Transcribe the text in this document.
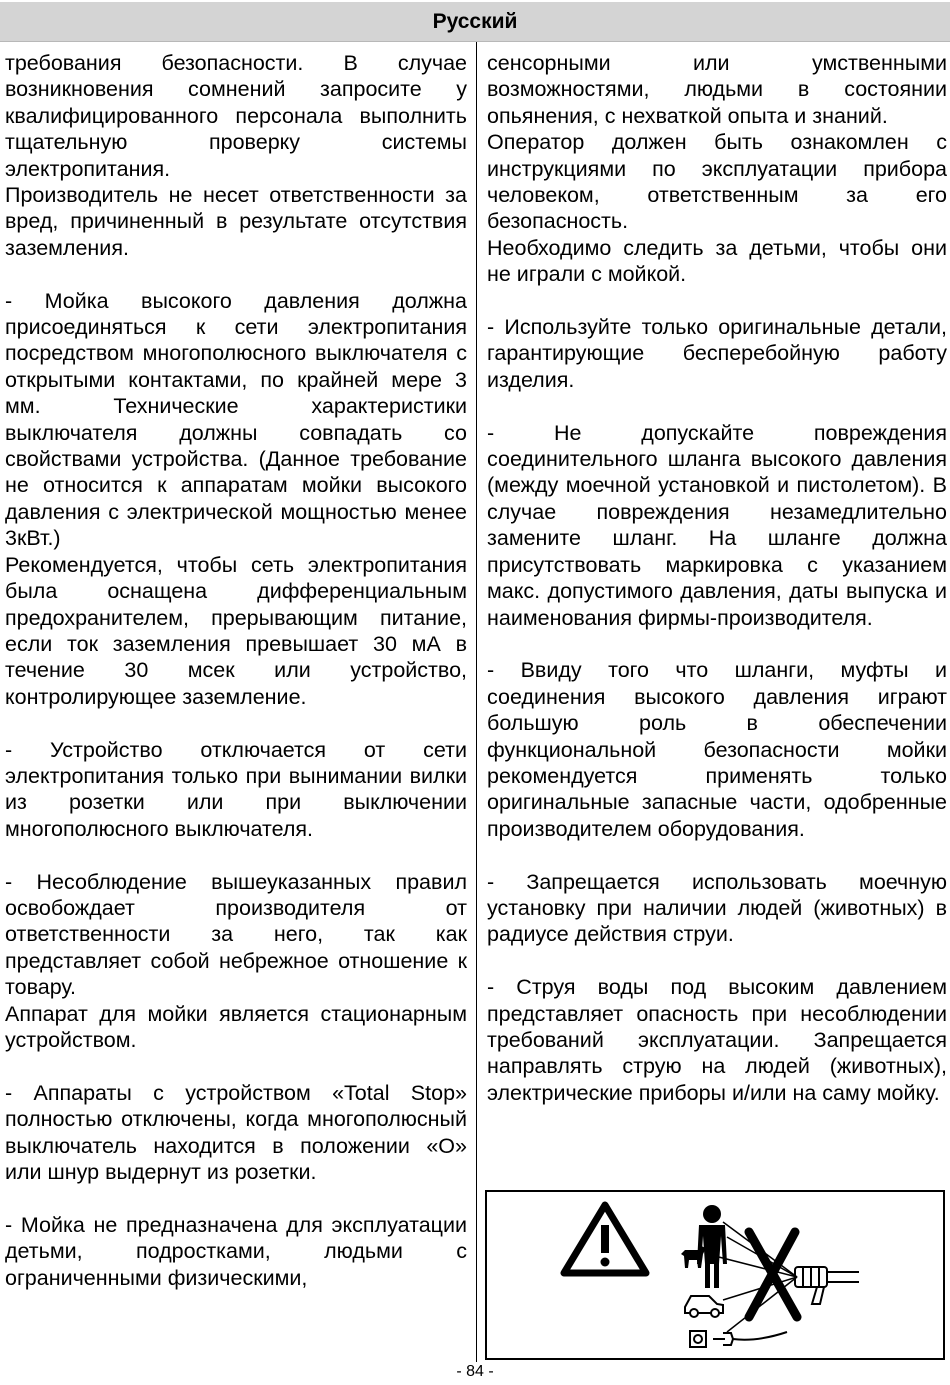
Русский

требования безопасности. В случае возникновения сомнений запросите у квалифицированного персонала выполнить тщательную проверку системы электропитания.

Производитель не несет ответственности за вред, причиненный в результате отсутствия заземления.

- Мойка высокого давления должна присоединяться к сети электропитания посредством многополюсного выключателя с открытыми контактами, по крайней мере 3 мм. Технические характеристики выключателя должны совпадать со свойствами устройства. (Данное требование не относится к аппаратам мойки высокого давления с электрической мощностью менее 3кВт.)

Рекомендуется, чтобы сеть электропитания была оснащена дифференциальным предохранителем, прерывающим питание, если ток заземления превышает 30 мА в течение 30 мсек или устройство, контролирующее заземление.

- Устройство отключается от сети электропитания только при вынимании вилки из розетки или при выключении многополюсного выключателя.

- Несоблюдение вышеуказанных правил освобождает производителя от ответственности за него, так как представляет собой небрежное отношение к товару.

Аппарат для мойки является стационарным устройством.

- Аппараты с устройством «Total Stop» полностью отключены, когда многополюсный выключатель находится в положении «O» или шнур выдернут из розетки.

- Мойка не предназначена для эксплуатации детьми, подростками, людьми с ограниченными физическими,

сенсорными или умственными возможностями, людьми в состоянии опьянения, с нехваткой опыта и знаний.

Оператор должен быть ознакомлен с инструкциями по эксплуатации прибора человеком, ответственным за его безопасность.

Необходимо следить за детьми, чтобы они не играли с мойкой.

- Используйте только оригинальные детали, гарантирующие бесперебойную работу изделия.

- Не допускайте повреждения соединительного шланга высокого давления (между моечной установкой и пистолетом). В случае повреждения незамедлительно замените шланг. На шланге должна присутствовать маркировка с указанием макс. допустимого давления, даты выпуска и наименования фирмы-производителя.

- Ввиду того что шланги, муфты и соединения высокого давления играют большую роль в обеспечении функциональной безопасности мойки рекомендуется применять только оригинальные запасные части, одобренные производителем оборудования.

- Запрещается использовать моечную установку при наличии людей (животных) в радиусе действия струи.

- Струя воды под высоким давлением представляет опасность при несоблюдении требований эксплуатации. Запрещается направлять струю на людей (животных), электрические приборы и/или на саму мойку.

- 84 -
